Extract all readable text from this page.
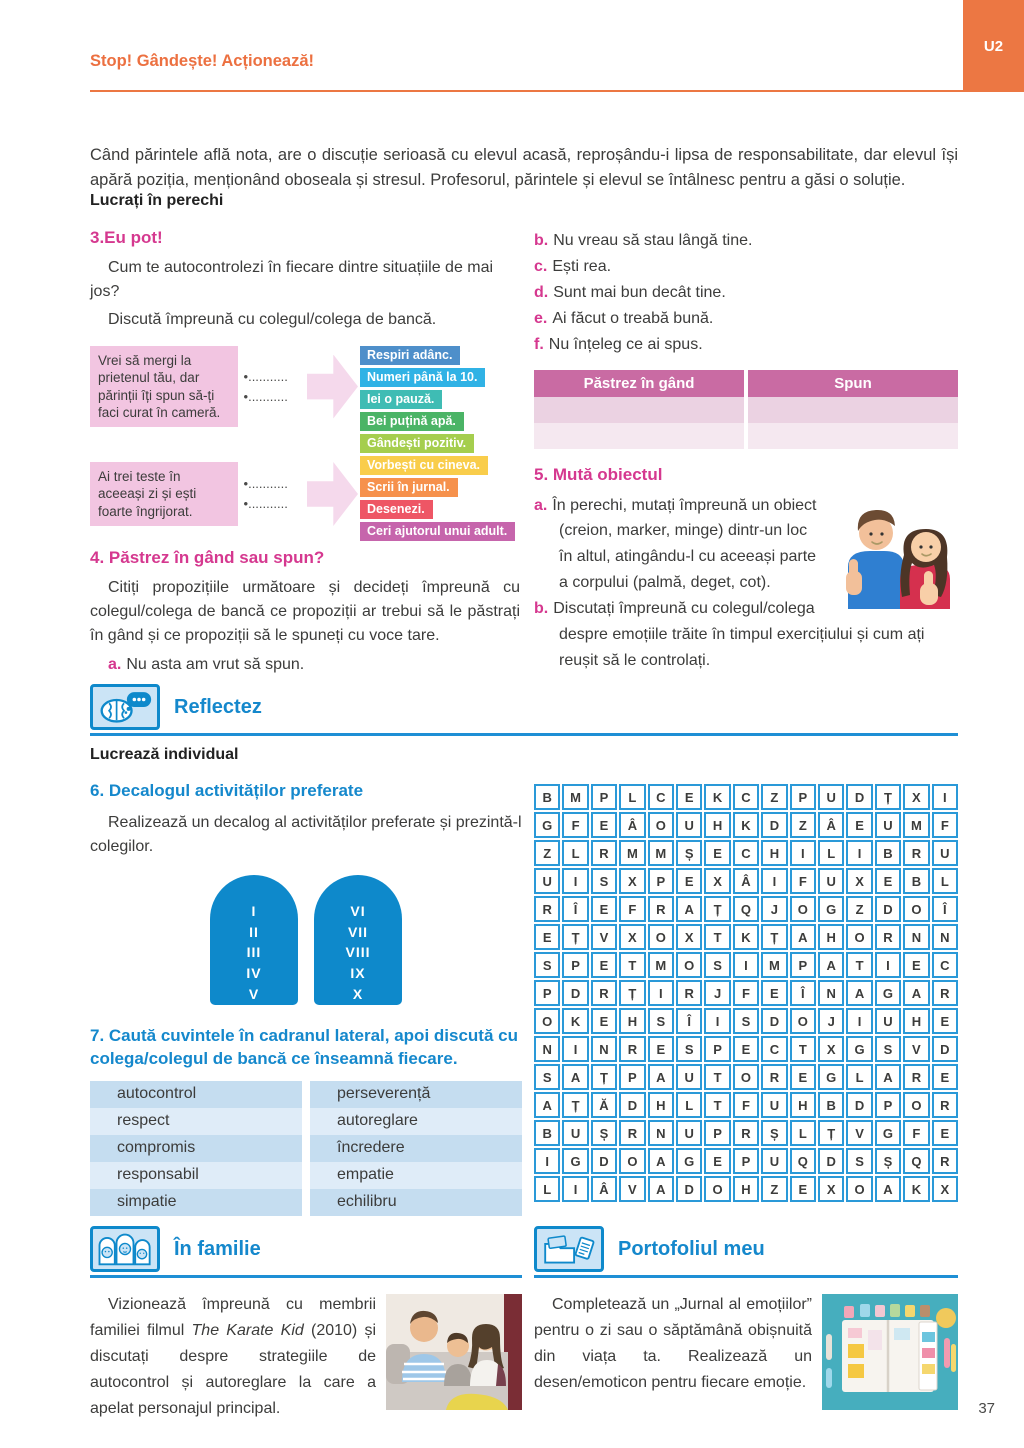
U2
Stop! Gândește! Acționează!

Când părintele află nota, are o discuție serioasă cu elevul acasă, reproșându-i lipsa de responsabilitate, dar elevul își apără poziția, menționând oboseala și stresul. Profesorul, părintele și elevul se întâlnesc pentru a găsi o soluție.

Lucrați în perechi
3.Eu pot!

Cum te autocontrolezi în fiecare dintre situațiile de mai jos?

Discută împreună cu colegul/colega de bancă.

Vrei să mergi la prietenul tău, dar părinții îți spun să-ți faci curat în cameră.
•...........
•...........
Ai trei teste în aceeași zi și ești foarte îngrijorat.
•...........
•...........
Respiri adânc.
Numeri până la 10.
Iei o pauză.
Bei puțină apă.
Gândești pozitiv.
Vorbești cu cineva.
Scrii în jurnal.
Desenezi.
Ceri ajutorul unui adult.
4. Păstrez în gând sau spun?

Citiți propozițiile următoare și decideți împreună cu colegul/colega de bancă ce propoziții ar trebui să le păstrați în gând și ce propoziții să le spuneți cu voce tare.

a. Nu asta am vrut să spun.

b. Nu vreau să stau lângă tine.

c. Ești rea.

d. Sunt mai bun decât tine.

e. Ai făcut o treabă bună.

f. Nu înțeleg ce ai spus.

Păstrez în gând	Spun
5. Mută obiectul

a. În perechi, mutați împreună un obiect (creion, marker, minge) dintr-un loc în altul, atingându-l cu aceeași parte a corpului (palmă, deget, cot).

b. Discutați împreună cu colegul/colega despre emoțiile trăite în timpul exercițiului și cum ați reușit să le controlați.

Reflectez
Lucrează individual
6. Decalogul activităților preferate

Realizează un decalog al activităților preferate și prezintă-l colegilor.

I
II
III
IV
V
VI
VII
VIII
IX
X
7. Caută cuvintele în cadranul lateral, apoi discută cu colega/colegul de bancă ce înseamnă fiecare.
autocontrol	perseverență
respect	autoreglare
compromis	încredere
responsabil	empatie
simpatie	echilibru
B	M	P	L	C	E	K	C	Z	P	U	D	Ț	X	I
G	F	E	Â	O	U	H	K	D	Z	Â	E	U	M	F
Z	L	R	M	M	Ș	E	C	H	I	L	I	B	R	U
U	I	S	X	P	E	X	Â	I	F	U	X	E	B	L
R	Î	E	F	R	A	Ț	Q	J	O	G	Z	D	O	Î
E	Ț	V	X	O	X	T	K	Ț	A	H	O	R	N	N
S	P	E	T	M	O	S	I	M	P	A	T	I	E	C
P	D	R	Ț	I	R	J	F	E	Î	N	A	G	A	R
O	K	E	H	S	Î	I	S	D	O	J	I	U	H	E
N	I	N	R	E	S	P	E	C	T	X	G	S	V	D
S	A	Ț	P	A	U	T	O	R	E	G	L	A	R	E
A	Ț	Ă	D	H	L	T	F	U	H	B	D	P	O	R
B	U	Ș	R	N	U	P	R	Ș	L	Ț	V	G	F	E
I	G	D	O	A	G	E	P	U	Q	D	S	Ș	Q	R
L	I	Â	V	A	D	O	H	Z	E	X	O	A	K	X
În familie

Vizionează împreună cu membrii familiei filmul The Karate Kid (2010) și discutați despre strategiile de autocontrol și autoreglare la care a apelat personajul principal.

Portofoliul meu

Completează un „Jurnal al emoțiilor” pentru o zi sau o săptămână obișnuită din viața ta. Realizează un desen/emoticon pentru fiecare emoție.

37
